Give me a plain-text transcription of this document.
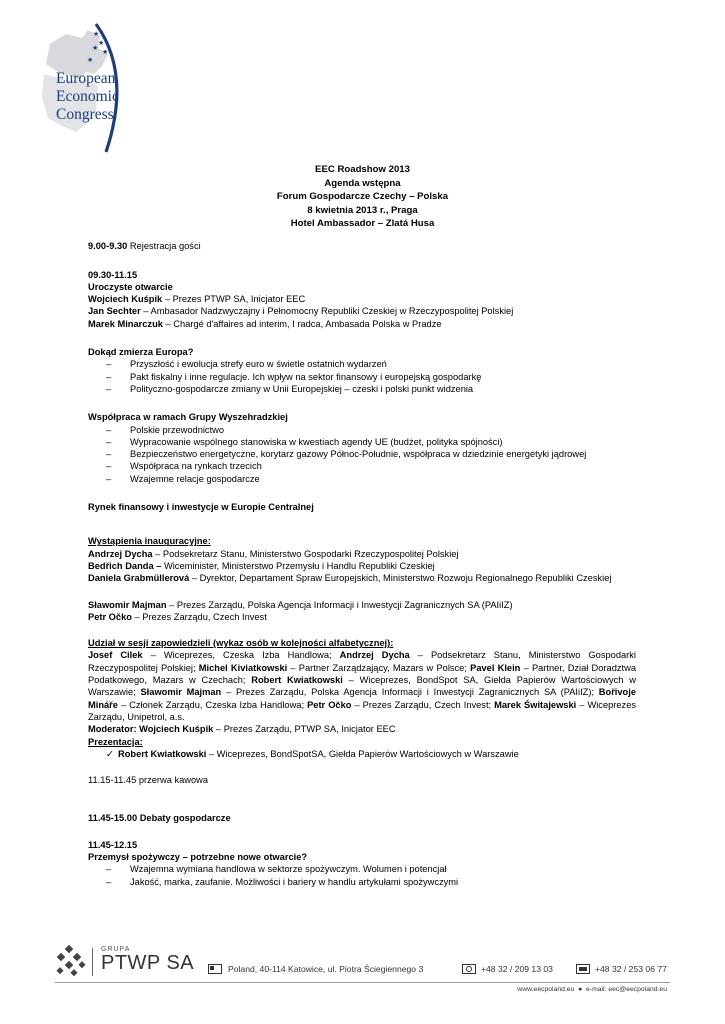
★
★
★
★
★
European
Economic
Congress
EEC Roadshow 2013
Agenda wstępna
Forum Gospodarcze Czechy – Polska
8 kwietnia 2013 r., Praga
Hotel Ambassador – Zlatá Husa

9.00-9.30 Rejestracja gości

09.30-11.15

Uroczyste otwarcie

Wojciech Kuśpik – Prezes PTWP SA, Inicjator EEC

Jan Sechter – Ambasador Nadzwyczajny i Pełnomocny Republiki Czeskiej w Rzeczypospolitej Polskiej

Marek Minarczuk – Chargé d'affaires ad interim, I radca, Ambasada Polska w Pradze

Dokąd zmierza Europa?

– Przyszłość i ewolucja strefy euro w świetle ostatnich wydarzeń
– Pakt fiskalny i inne regulacje. Ich wpływ na sektor finansowy i europejską gospodarkę
– Polityczno-gospodarcze zmiany w Unii Europejskiej – czeski i polski punkt widzenia

Współpraca w ramach Grupy Wyszehradzkiej

– Polskie przewodnictwo
– Wypracowanie wspólnego stanowiska w kwestiach agendy UE (budżet, polityka spójności)
– Bezpieczeństwo energetyczne, korytarz gazowy Północ-Południe, współpraca w dziedzinie energetyki jądrowej
– Współpraca na rynkach trzecich
– Wzajemne relacje gospodarcze

Rynek finansowy i inwestycje w Europie Centralnej

Wystąpienia inauguracyjne:

Andrzej Dycha – Podsekretarz Stanu, Ministerstwo Gospodarki Rzeczypospolitej Polskiej

Bedřich Danda – Wiceminister, Ministerstwo Przemysłu i Handlu Republiki Czeskiej

Daniela Grabmüllerová – Dyrektor, Departament Spraw Europejskich, Ministerstwo Rozwoju Regionalnego Republiki Czeskiej

Sławomir Majman – Prezes Zarządu, Polska Agencja Informacji i Inwestycji Zagranicznych SA (PAIiIZ)

Petr Očko – Prezes Zarządu, Czech Invest

Udział w sesji zapowiedzieli (wykaz osób w kolejności alfabetycznej):

Josef Cilek – Wiceprezes, Czeska Izba Handlowa; Andrzej Dycha – Podsekretarz Stanu, Ministerstwo Gospodarki Rzeczypospolitej Polskiej; Michel Kiviatkowski – Partner Zarządzający, Mazars w Polsce; Pavel Klein – Partner, Dział Doradztwa Podatkowego, Mazars w Czechach; Robert Kwiatkowski – Wiceprezes, BondSpot SA, Giełda Papierów Wartościowych w Warszawie; Sławomir Majman – Prezes Zarządu, Polska Agencja Informacji i Inwestycji Zagranicznych SA (PAIiIZ); Bořivoje Mináře – Członek Zarządu, Czeska Izba Handlowa; Petr Očko – Prezes Zarządu, Czech Invest; Marek Świtajewski – Wiceprezes Zarządu, Unipetrol, a.s.

Moderator: Wojciech Kuśpik – Prezes Zarządu, PTWP SA, Inicjator EEC

Prezentacja:

✓ Robert Kwiatkowski – Wiceprezes, BondSpotSA, Giełda Papierów Wartościowych w Warszawie

11.15-11.45 przerwa kawowa

11.45-15.00 Debaty gospodarcze

11.45-12.15

Przemysł spożywczy – potrzebne nowe otwarcie?

– Wzajemna wymiana handlowa w sektorze spożywczym. Wolumen i potencjał
– Jakość, marka, zaufanie. Możliwości i bariery w handlu artykułami spożywczymi
GRUPA
PTWP SA	Poland, 40-114 Katowice, ul. Piotra Ściegiennego 3	+48 32 / 209 13 03	+48 32 / 253 06 77
www.eecpoland.eu  ●  e-mail: eec@eecpoland.eu
